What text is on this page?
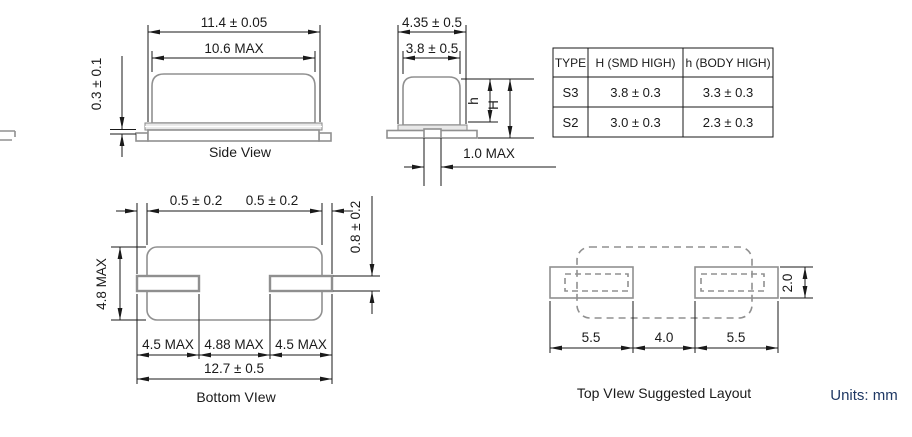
11.4 ± 0.05
10.6 MAX
0.3 ± 0.1
Side View
4.35 ± 0.5
3.8 ± 0.5
h H
1.0 MAX
TYPE H (SMD HIGH) h (BODY HIGH)
S3 3.8 ± 0.3	3.3 ± 0.3
S2 3.0 ± 0.3	2.3 ± 0.3
0.5 ± 0.2 0.5 ± 0.2
4.8 MAX
0.8 ± 0.2
4.5 MAX 4.88 MAX 4.5 MAX
12.7 ± 0.5
Bottom VIew
2.0
5.5	4.0	5.5
Top VIew Suggested Layout	Units: mm
